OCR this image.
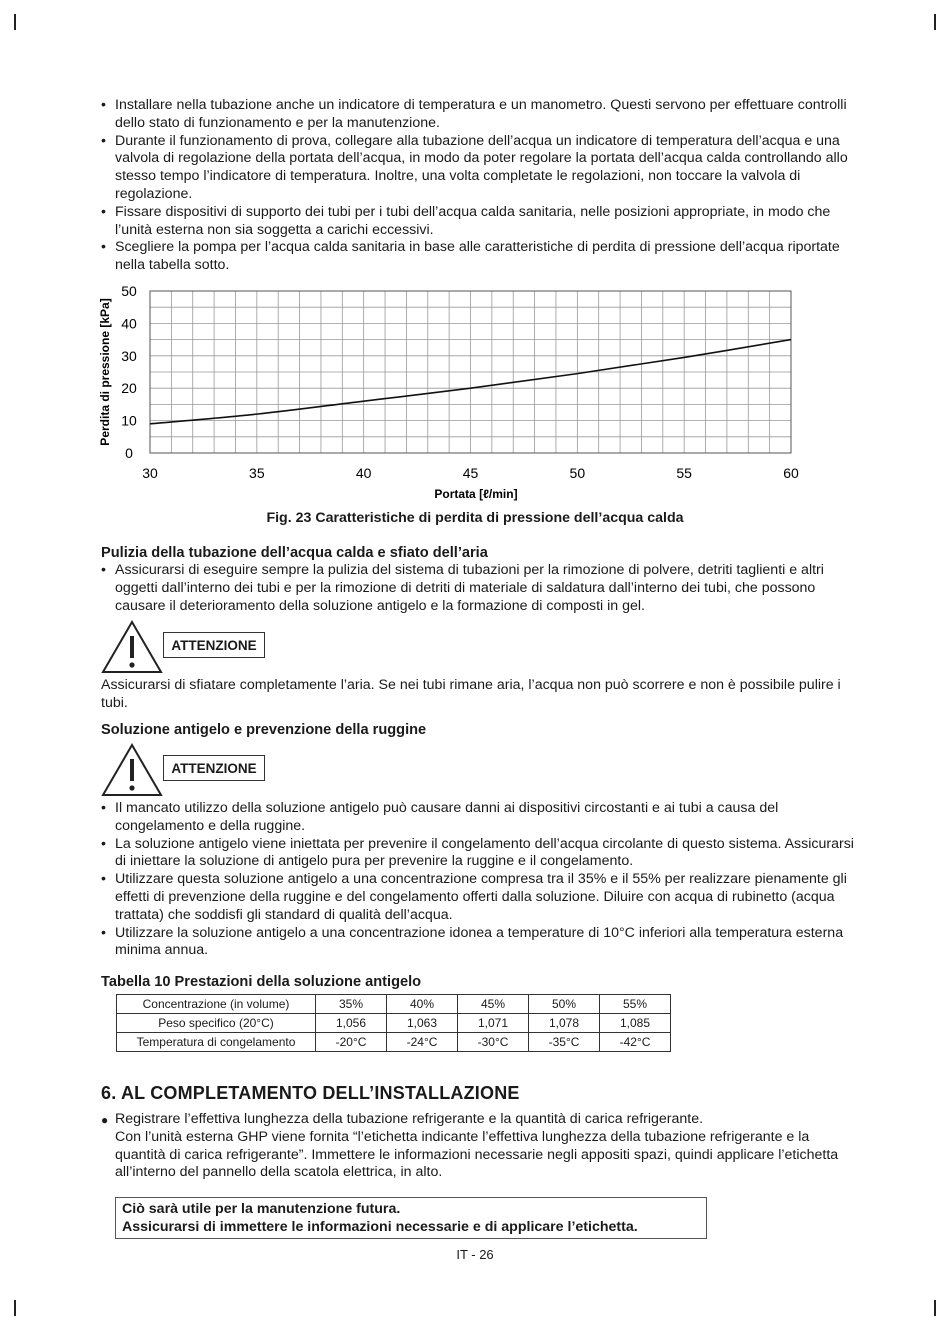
• Installare nella tubazione anche un indicatore di temperatura e un manometro. Questi servono per effettuare controlli dello stato di funzionamento e per la manutenzione.
• Durante il funzionamento di prova, collegare alla tubazione dell’acqua un indicatore di temperatura dell’acqua e una valvola di regolazione della portata dell’acqua, in modo da poter regolare la portata dell’acqua calda controllando allo stesso tempo l’indicatore di temperatura. Inoltre, una volta completate le regolazioni, non toccare la valvola di regolazione.
• Fissare dispositivi di supporto dei tubi per i tubi dell’acqua calda sanitaria, nelle posizioni appropriate, in modo che l’unità esterna non sia soggetta a carichi eccessivi.
• Scegliere la pompa per l’acqua calda sanitaria in base alle caratteristiche di perdita di pressione dell’acqua riportate nella tabella sotto.
0
10
20
30
40
50
30	35	40	45	50	55	60
Perdita di pressione [kPa]
Portata [ℓ/min]
Fig. 23 Caratteristiche di perdita di pressione dell’acqua calda

Pulizia della tubazione dell’acqua calda e sfiato dell’aria

• Assicurarsi di eseguire sempre la pulizia del sistema di tubazioni per la rimozione di polvere, detriti taglienti e altri oggetti dall’interno dei tubi e per la rimozione di detriti di materiale di saldatura dall’interno dei tubi, che possono causare il deterioramento della soluzione antigelo e la formazione di composti in gel.
ATTENZIONE

Assicurarsi di sfiatare completamente l’aria. Se nei tubi rimane aria, l’acqua non può scorrere e non è possibile pulire i tubi.

Soluzione antigelo e prevenzione della ruggine

ATTENZIONE
• Il mancato utilizzo della soluzione antigelo può causare danni ai dispositivi circostanti e ai tubi a causa del congelamento e della ruggine.
• La soluzione antigelo viene iniettata per prevenire il congelamento dell’acqua circolante di questo sistema. Assicurarsi di iniettare la soluzione di antigelo pura per prevenire la ruggine e il congelamento.
• Utilizzare questa soluzione antigelo a una concentrazione compresa tra il 35% e il 55% per realizzare pienamente gli effetti di prevenzione della ruggine e del congelamento offerti dalla soluzione. Diluire con acqua di rubinetto (acqua trattata) che soddisfi gli standard di qualità dell’acqua.
• Utilizzare la soluzione antigelo a una concentrazione idonea a temperature di 10°C inferiori alla temperatura esterna minima annua.

Tabella 10 Prestazioni della soluzione antigelo

Concentrazione (in volume)	35%	40%	45%	50%	55%
Peso specifico (20°C)	1,056	1,063	1,071	1,078	1,085
Temperatura di congelamento	-20°C	-24°C	-30°C	-35°C	-42°C
6. AL COMPLETAMENTO DELL’INSTALLAZIONE
● Registrare l’effettiva lunghezza della tubazione refrigerante e la quantità di carica refrigerante.
Con l’unità esterna GHP viene fornita “l’etichetta indicante l’effettiva lunghezza della tubazione refrigerante e la quantità di carica refrigerante”. Immettere le informazioni necessarie negli appositi spazi, quindi applicare l’etichetta all’interno del pannello della scatola elettrica, in alto.
Ciò sarà utile per la manutenzione futura.
Assicurarsi di immettere le informazioni necessarie e di applicare l’etichetta.
IT - 26
